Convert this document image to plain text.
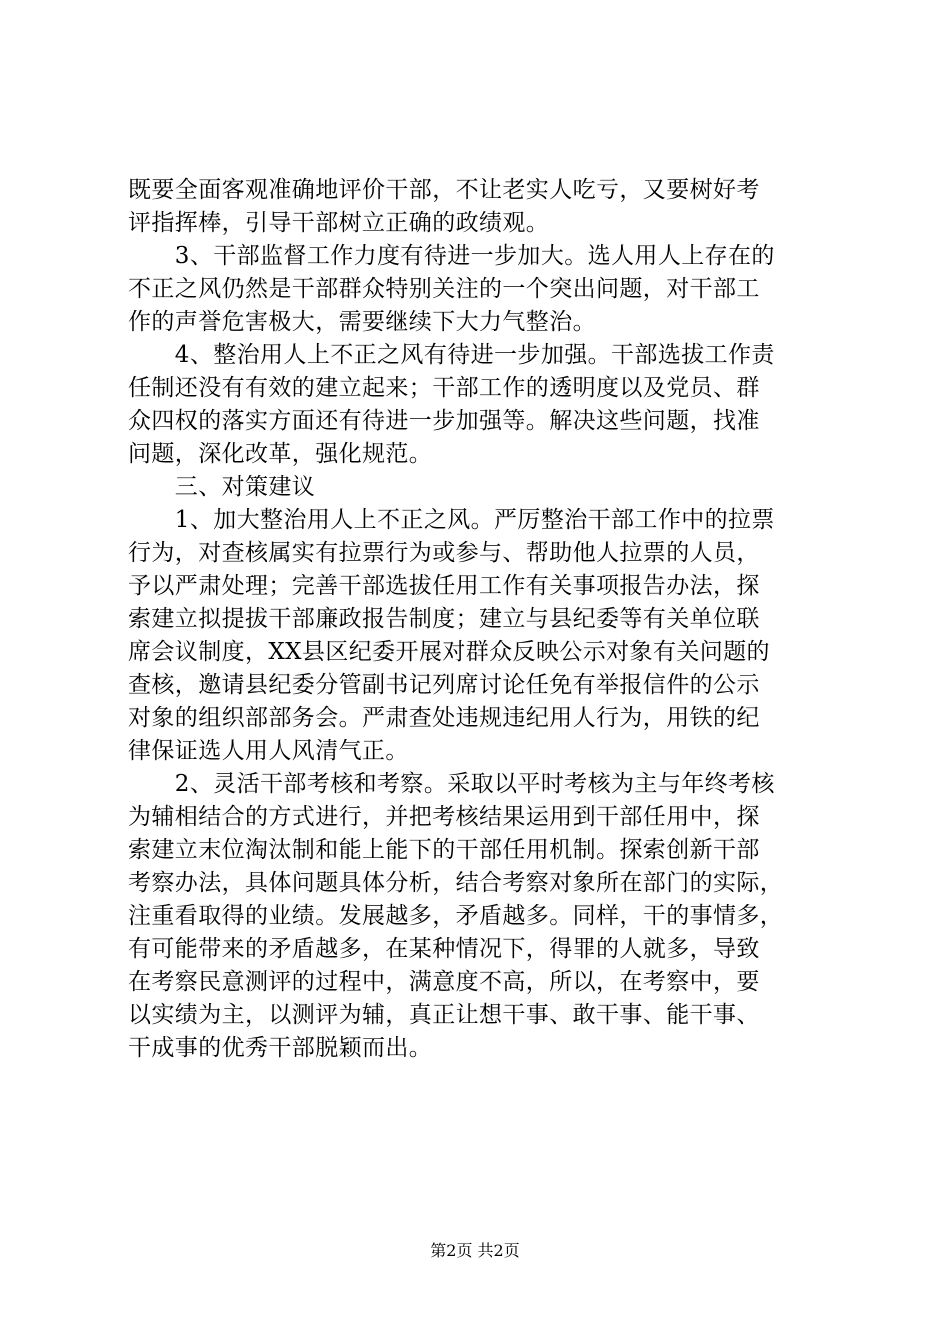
既要全面客观准确地评价干部，不让老实人吃亏，又要树好考
评指挥棒，引导干部树立正确的政绩观。
　　3、干部监督工作力度有待进一步加大。选人用人上存在的
不正之风仍然是干部群众特别关注的一个突出问题，对干部工
作的声誉危害极大，需要继续下大力气整治。
　　4、整治用人上不正之风有待进一步加强。干部选拔工作责
任制还没有有效的建立起来；干部工作的透明度以及党员、群
众四权的落实方面还有待进一步加强等。解决这些问题，找准
问题，深化改革，强化规范。
　　三、对策建议
　　1、加大整治用人上不正之风。严厉整治干部工作中的拉票
行为，对查核属实有拉票行为或参与、帮助他人拉票的人员，
予以严肃处理；完善干部选拔任用工作有关事项报告办法，探
索建立拟提拔干部廉政报告制度；建立与县纪委等有关单位联
席会议制度，XX县区纪委开展对群众反映公示对象有关问题的
查核，邀请县纪委分管副书记列席讨论任免有举报信件的公示
对象的组织部部务会。严肃查处违规违纪用人行为，用铁的纪
律保证选人用人风清气正。
　　2、灵活干部考核和考察。采取以平时考核为主与年终考核
为辅相结合的方式进行，并把考核结果运用到干部任用中，探
索建立末位淘汰制和能上能下的干部任用机制。探索创新干部
考察办法，具体问题具体分析，结合考察对象所在部门的实际，
注重看取得的业绩。发展越多，矛盾越多。同样，干的事情多，
有可能带来的矛盾越多，在某种情况下，得罪的人就多，导致
在考察民意测评的过程中，满意度不高，所以，在考察中，要
以实绩为主，以测评为辅，真正让想干事、敢干事、能干事、
干成事的优秀干部脱颖而出。
第2页 共2页
